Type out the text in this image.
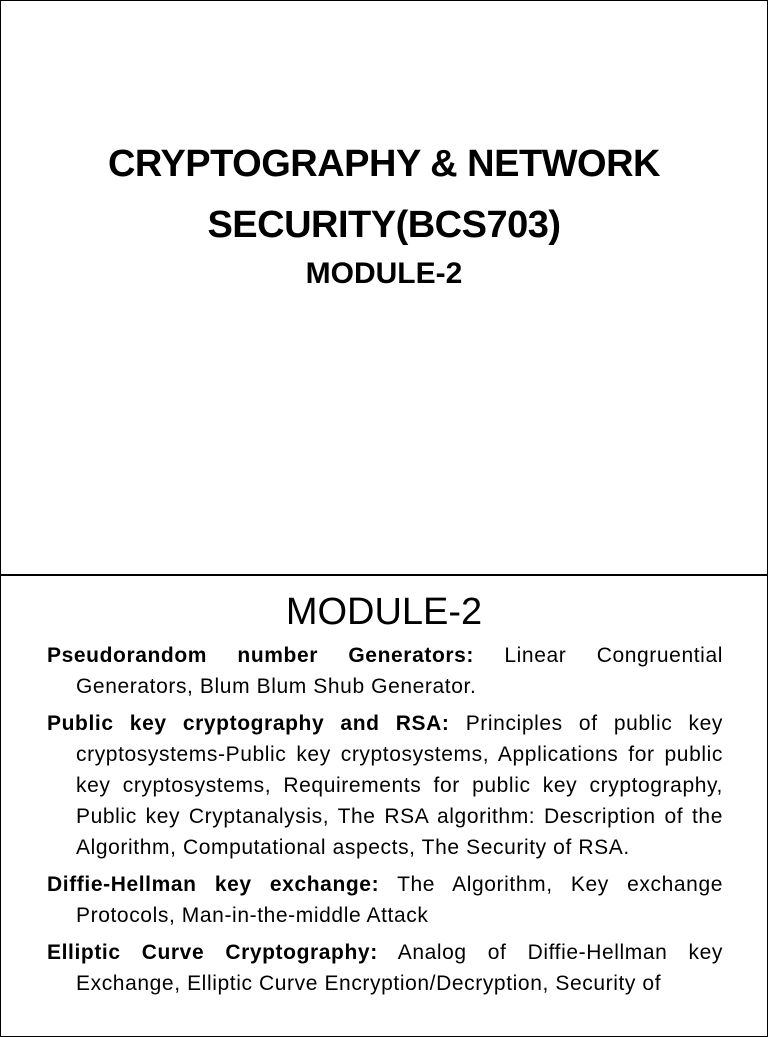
CRYPTOGRAPHY & NETWORK
SECURITY(BCS703)
MODULE-2
MODULE-2

Pseudorandom number Generators: Linear Congruential Generators, Blum Blum Shub Generator.

Public key cryptography and RSA: Principles of public key cryptosystems-Public key cryptosystems, Applications for public key cryptosystems, Requirements for public key cryptography, Public key Cryptanalysis, The RSA algorithm: Description of the Algorithm, Computational aspects, The Security of RSA.

Diffie-Hellman key exchange: The Algorithm, Key exchange Protocols, Man-in-the-middle Attack

Elliptic Curve Cryptography: Analog of Diffie-Hellman key Exchange, Elliptic Curve Encryption/Decryption, Security of
